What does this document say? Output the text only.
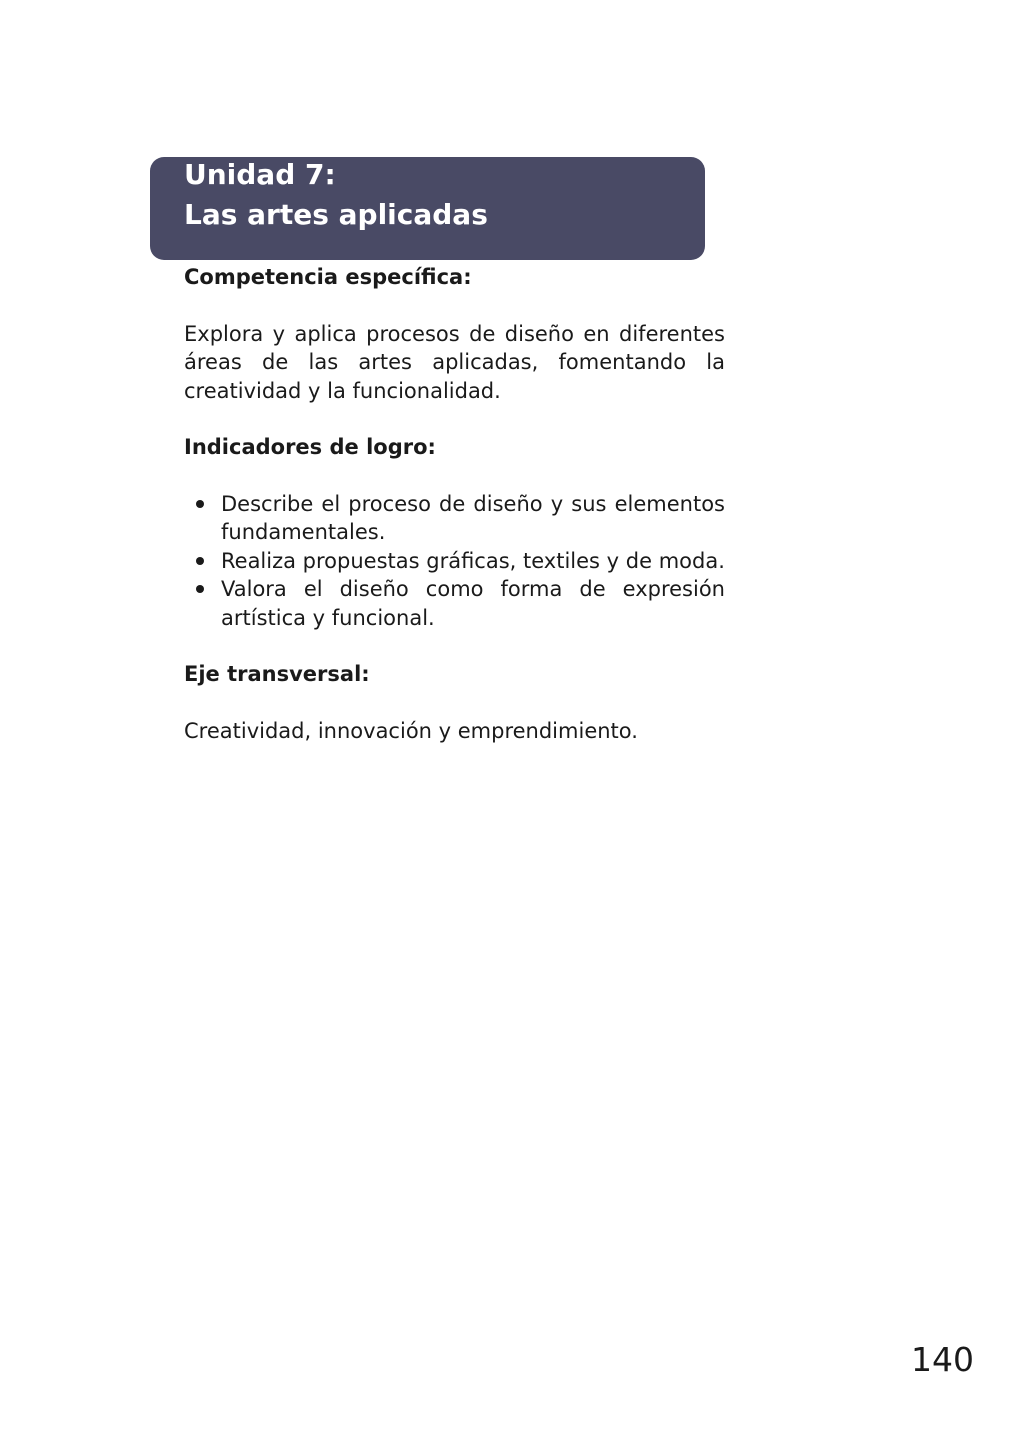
Unidad 7:
Las artes aplicadas

Competencia específica:

Explora y aplica procesos de diseño en diferentes áreas de las artes aplicadas, fomentando la creatividad y la funcionalidad.

Indicadores de logro:

Describe el proceso de diseño y sus elementos fundamentales.
Realiza propuestas gráficas, textiles y de moda.
Valora el diseño como forma de expresión artística y funcional.

Eje transversal:

Creatividad, innovación y emprendimiento.

140
